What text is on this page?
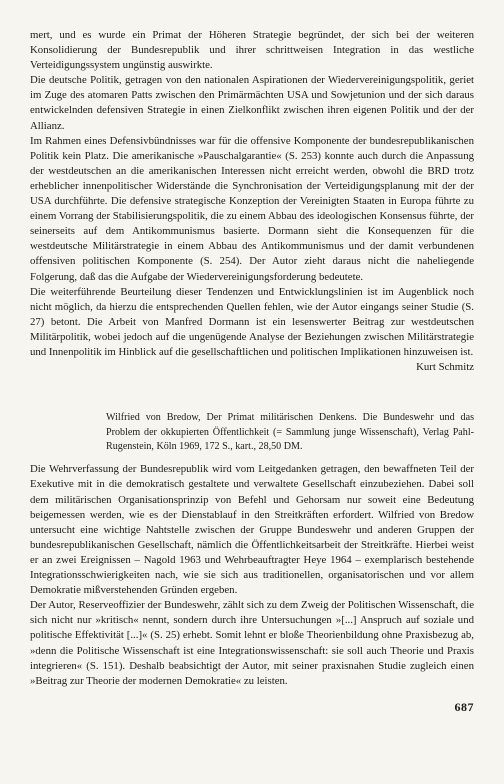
mert, und es wurde ein Primat der Höheren Strategie begründet, der sich bei der weiteren Konsolidierung der Bundesrepublik und ihrer schrittweisen Integration in das westliche Verteidigungssystem ungünstig auswirkte.

Die deutsche Politik, getragen von den nationalen Aspirationen der Wiedervereinigungspolitik, geriet im Zuge des atomaren Patts zwischen den Primärmächten USA und Sowjetunion und der sich daraus entwickelnden defensiven Strategie in einen Zielkonflikt zwischen ihren eigenen Politik und der der Allianz.

Im Rahmen eines Defensivbündnisses war für die offensive Komponente der bundesrepublikanischen Politik kein Platz. Die amerikanische »Pauschalgarantie« (S. 253) konnte auch durch die Anpassung der westdeutschen an die amerikanischen Interessen nicht erreicht werden, obwohl die BRD trotz erheblicher innenpolitischer Widerstände die Synchronisation der Verteidigungsplanung mit der der USA durchführte. Die defensive strategische Konzeption der Vereinigten Staaten in Europa führte zu einem Vorrang der Stabilisierungspolitik, die zu einem Abbau des ideologischen Konsensus führte, der seinerseits auf dem Antikommunismus basierte. Dormann sieht die Konsequenzen für die westdeutsche Militärstrategie in einem Abbau des Antikommunismus und der damit verbundenen offensiven politischen Komponente (S. 254). Der Autor zieht daraus nicht die naheliegende Folgerung, daß das die Aufgabe der Wiedervereinigungsforderung bedeutete.

Die weiterführende Beurteilung dieser Tendenzen und Entwicklungslinien ist im Augenblick noch nicht möglich, da hierzu die entsprechenden Quellen fehlen, wie der Autor eingangs seiner Studie (S. 27) betont. Die Arbeit von Manfred Dormann ist ein lesenswerter Beitrag zur westdeutschen Militärpolitik, wobei jedoch auf die ungenügende Analyse der Beziehungen zwischen Militärstrategie und Innenpolitik im Hinblick auf die gesellschaftlichen und politischen Implikationen hinzuweisen ist.

Kurt Schmitz
Wilfried von Bredow, Der Primat militärischen Denkens. Die Bundeswehr und das Problem der okkupierten Öffentlichkeit (= Sammlung junge Wissenschaft), Verlag Pahl-Rugenstein, Köln 1969, 172 S., kart., 28,50 DM.

Die Wehrverfassung der Bundesrepublik wird vom Leitgedanken getragen, den bewaffneten Teil der Exekutive mit in die demokratisch gestaltete und verwaltete Gesellschaft einzubeziehen. Dabei soll dem militärischen Organisationsprinzip von Befehl und Gehorsam nur soweit eine Bedeutung beigemessen werden, wie es der Dienstablauf in den Streitkräften erfordert. Wilfried von Bredow untersucht eine wichtige Nahtstelle zwischen der Gruppe Bundeswehr und anderen Gruppen der bundesrepublikanischen Gesellschaft, nämlich die Öffentlichkeitsarbeit der Streitkräfte. Hierbei weist er an zwei Ereignissen – Nagold 1963 und Wehrbeauftragter Heye 1964 – exemplarisch bestehende Integrationsschwierigkeiten nach, wie sie sich aus traditionellen, organisatorischen und vor allem Demokratie mißverstehenden Gründen ergeben.

Der Autor, Reserveoffizier der Bundeswehr, zählt sich zu dem Zweig der Politischen Wissenschaft, die sich nicht nur »kritisch« nennt, sondern durch ihre Untersuchungen »[...] Anspruch auf soziale und politische Effektivität [...]« (S. 25) erhebt. Somit lehnt er bloße Theorienbildung ohne Praxisbezug ab, »denn die Politische Wissenschaft ist eine Integrationswissenschaft: sie soll auch Theorie und Praxis integrieren« (S. 151). Deshalb beabsichtigt der Autor, mit seiner praxisnahen Studie zugleich einen »Beitrag zur Theorie der modernen Demokratie« zu leisten.

687
